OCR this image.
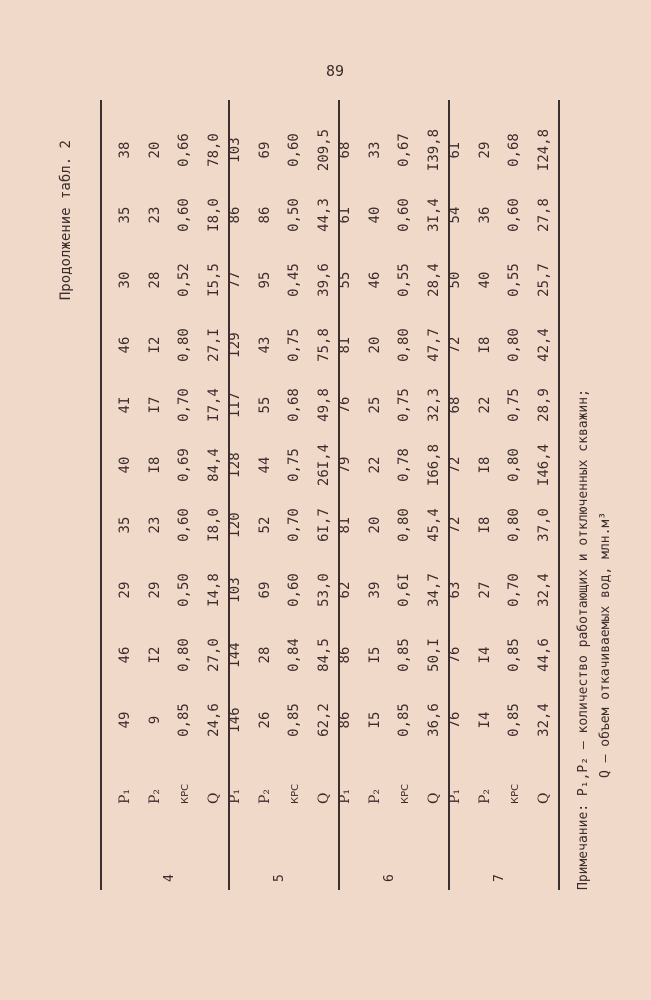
89
Продолжение табл. 2
4
Р₁
49
46
29
35
40
4I
46
30
35
38
Р₂
9
I2
29
23
I8
I7
I2
28
23
20
КРС
0,85
0,80
0,50
0,60
0,69
0,70
0,80
0,52
0,60
0,66
Q
24,6
27,0
I4,8
I8,0
84,4
I7,4
27,I
I5,5
I8,0
78,0
5
Р₁
I46
I44
I03
I20
I28
II7
I29
77
86
I03
Р₂
26
28
69
52
44
55
43
95
86
69
КРС
0,85
0,84
0,60
0,70
0,75
0,68
0,75
0,45
0,50
0,60
Q
62,2
84,5
53,0
6I,7
26I,4
49,8
75,8
39,6
44,3
209,5
6
Р₁
86
86
62
8I
79
76
8I
55
6I
68
Р₂
I5
I5
39
20
22
25
20
46
40
33
КРС
0,85
0,85
0,6I
0,80
0,78
0,75
0,80
0,55
0,60
0,67
Q
36,6
50,I
34,7
45,4
I66,8
32,3
47,7
28,4
3I,4
I39,8
7
Р₁
76
76
63
72
72
68
72
50
54
6I
Р₂
I4
I4
27
I8
I8
22
I8
40
36
29
КРС
0,85
0,85
0,70
0,80
0,80
0,75
0,80
0,55
0,60
0,68
Q
32,4
44,6
32,4
37,0
I46,4
28,9
42,4
25,7
27,8
I24,8
Примечание: Р₁,Р₂ – количество работающих и отключенных скважин; Q – объем откачиваемых вод, млн.м³
